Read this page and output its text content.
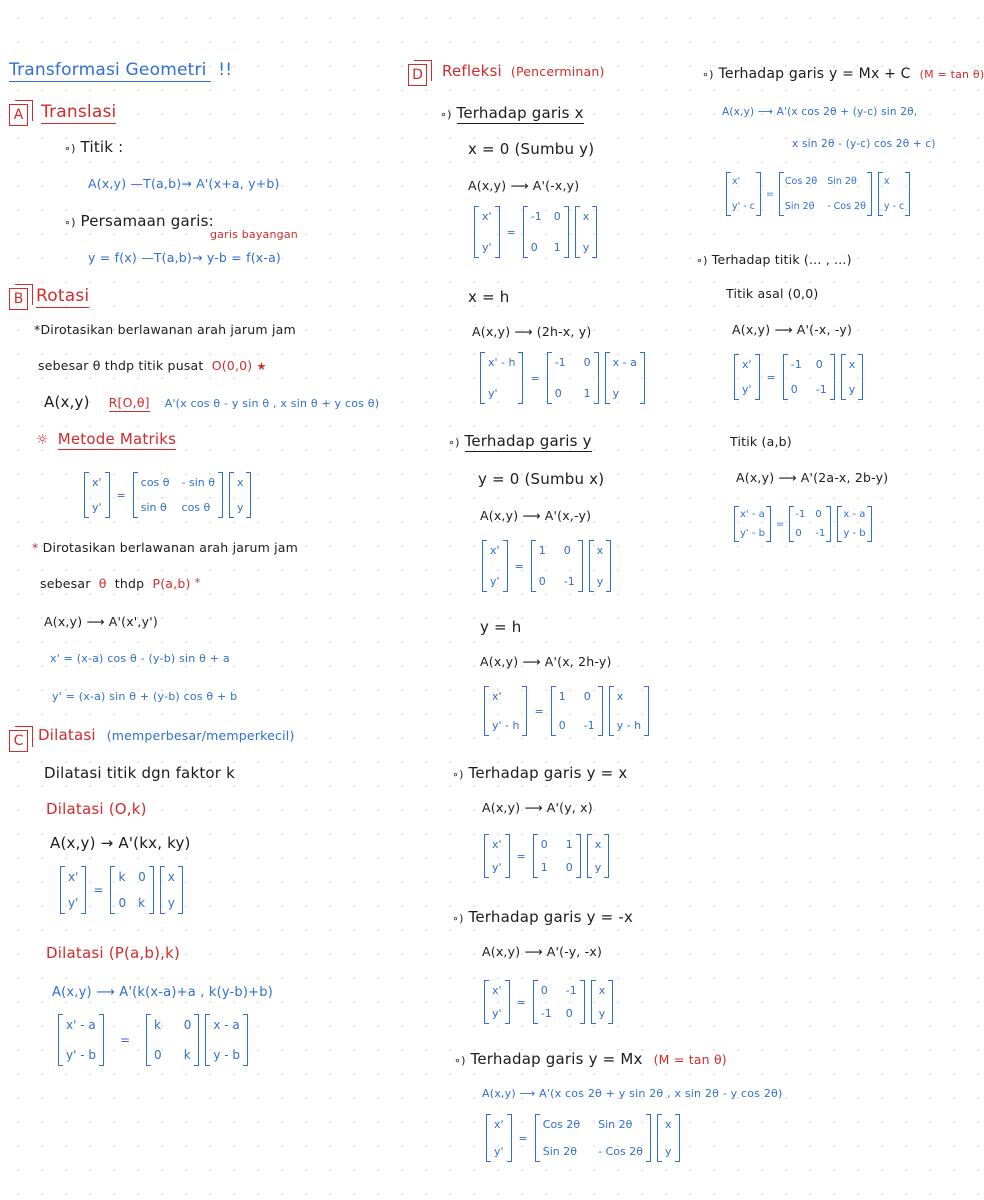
Transformasi Geometri !!
A Translasi
∘) Titik :
A(x,y) —T(a,b)→ A'(x+a, y+b)
∘) Persamaan garis:
garis bayangan
y = f(x) —T(a,b)→ y-b = f(x-a)
B Rotasi
*Dirotasikan berlawanan arah jarum jam
sebesar θ thdp titik pusat O(0,0) ★
A(x,y) R[O,θ] A'(x cos θ - y sin θ , x sin θ + y cos θ)
☼ Metode Matriks
x'
y'
=
cos θ - sin θ
sin θ cos θ
x
y
* Dirotasikan berlawanan arah jarum jam
sebesar θ thdp P(a,b) *
A(x,y) ⟶ A'(x',y')
x' = (x-a) cos θ - (y-b) sin θ + a
y' = (x-a) sin θ + (y-b) cos θ + b
C Dilatasi (memperbesar/memperkecil)
Dilatasi titik dgn faktor k
Dilatasi (O,k)
A(x,y) → A'(kx, ky)
x'
y'
=
k 0
0 k
x
y
Dilatasi (P(a,b),k)
A(x,y) ⟶ A'(k(x-a)+a , k(y-b)+b)
x' - a
y' - b
=
k 0
0 k
x - a
y - b
D Refleksi (Pencerminan)
∘) Terhadap garis x
x = 0 (Sumbu y)
A(x,y) ⟶ A'(-x,y)
x'
y'
=
-1 0
0	1
x
y
x = h
A(x,y) ⟶ (2h-x, y)
x' - h
y'
=
-1 0
0	1
x - a
y
∘) Terhadap garis y
y = 0 (Sumbu x)
A(x,y) ⟶ A'(x,-y)
x'
y'
=
1 0
0 -1
x
y
y = h
A(x,y) ⟶ A'(x, 2h-y)
x'
y' - h
=
1 0
0 -1
x
y - h
∘) Terhadap garis y = x
A(x,y) ⟶ A'(y, x)
x'
y'
=
0 1
1 0
x
y
∘) Terhadap garis y = -x
A(x,y) ⟶ A'(-y, -x)
x'
y'
=
0	-1
-1 0
x
y
∘) Terhadap garis y = Mx (M = tan θ)
A(x,y) ⟶ A'(x cos 2θ + y sin 2θ , x sin 2θ - y cos 2θ)
x'
y'
=
Cos 2θ Sin 2θ
Sin 2θ - Cos 2θ
x
y
∘) Terhadap garis y = Mx + C (M = tan θ)
A(x,y) ⟶ A'(x cos 2θ + (y-c) sin 2θ,
x sin 2θ - (y-c) cos 2θ + c)
x'
y' - c
=
Cos 2θ Sin 2θ
Sin 2θ - Cos 2θ
x
y - c
∘) Terhadap titik (... , ...)
Titik asal (0,0)
A(x,y) ⟶ A'(-x, -y)
x'
y'
=
-1 0
0	-1
x
y
Titik (a,b)
A(x,y) ⟶ A'(2a-x, 2b-y)
x' - a
y' - b
=
-1 0
0	-1
x - a
y - b
